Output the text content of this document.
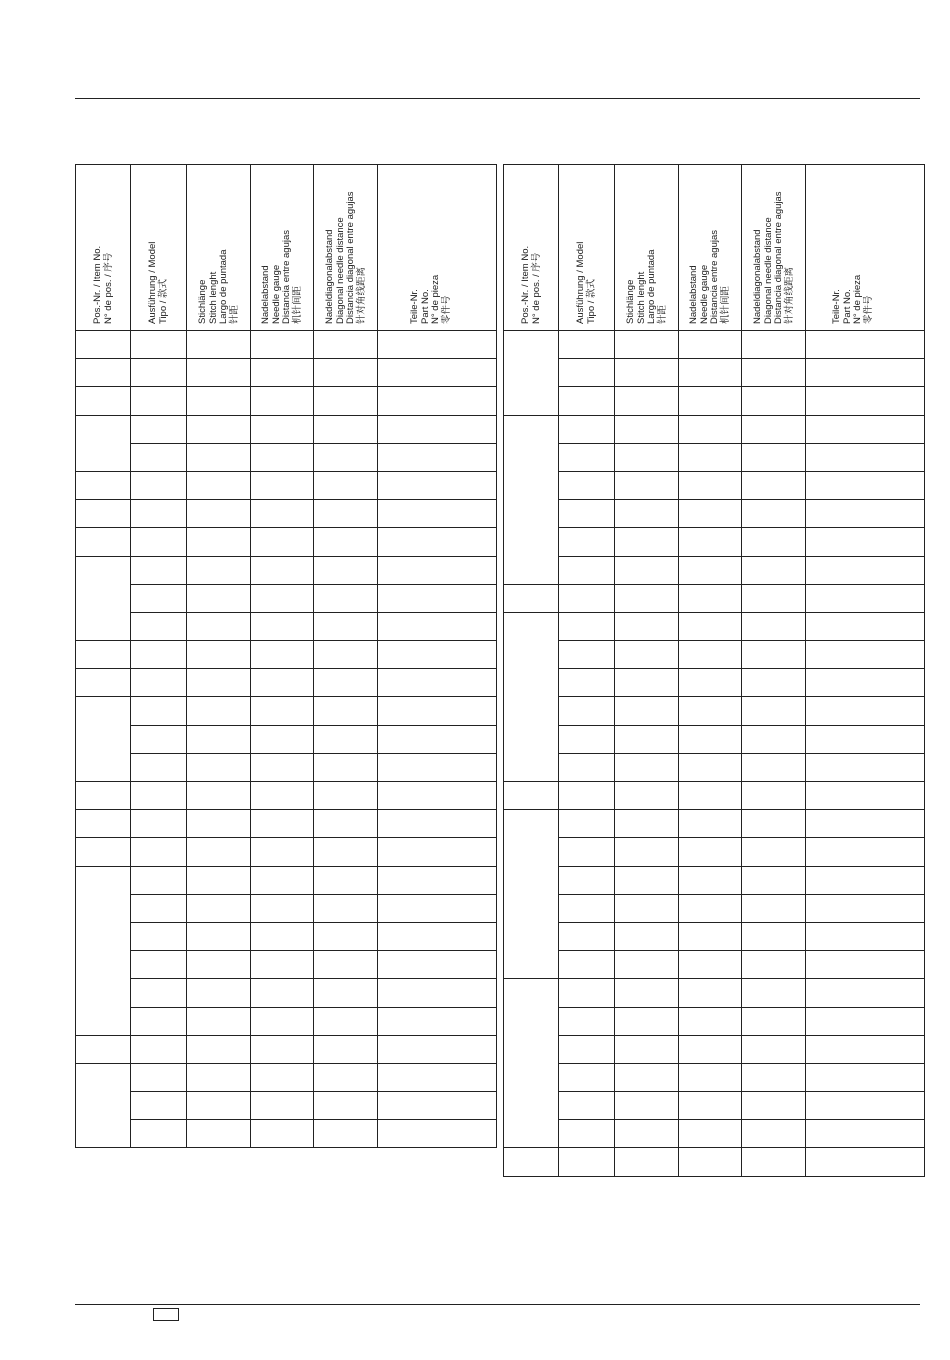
Pos.-Nr. / Item No. N° de pos. / 序号	Ausführung / Model Tipo / 款式	Stichlänge Stitch lenght Largo de puntada 针距	Nadelabstand Needle gauge Distancia entre agujas 机针间距	Nadeldiagonalabstand Diagonal needle distance Distancia diagonal entre agujas 针对角线距离	Teile-Nr. Part No. N° de pieza 零件号

					Pos.-Nr. / Item No. N° de pos. / 序号	Ausführung / Model Tipo / 款式	Stichlänge Stitch lenght Largo de puntada 针距	Nadelabstand Needle gauge Distancia entre agujas 机针间距	Nadeldiagonalabstand Diagonal needle distance Distancia diagonal entre agujas 针对角线距离	Teile-Nr. Part No. N° de pieza 零件号
